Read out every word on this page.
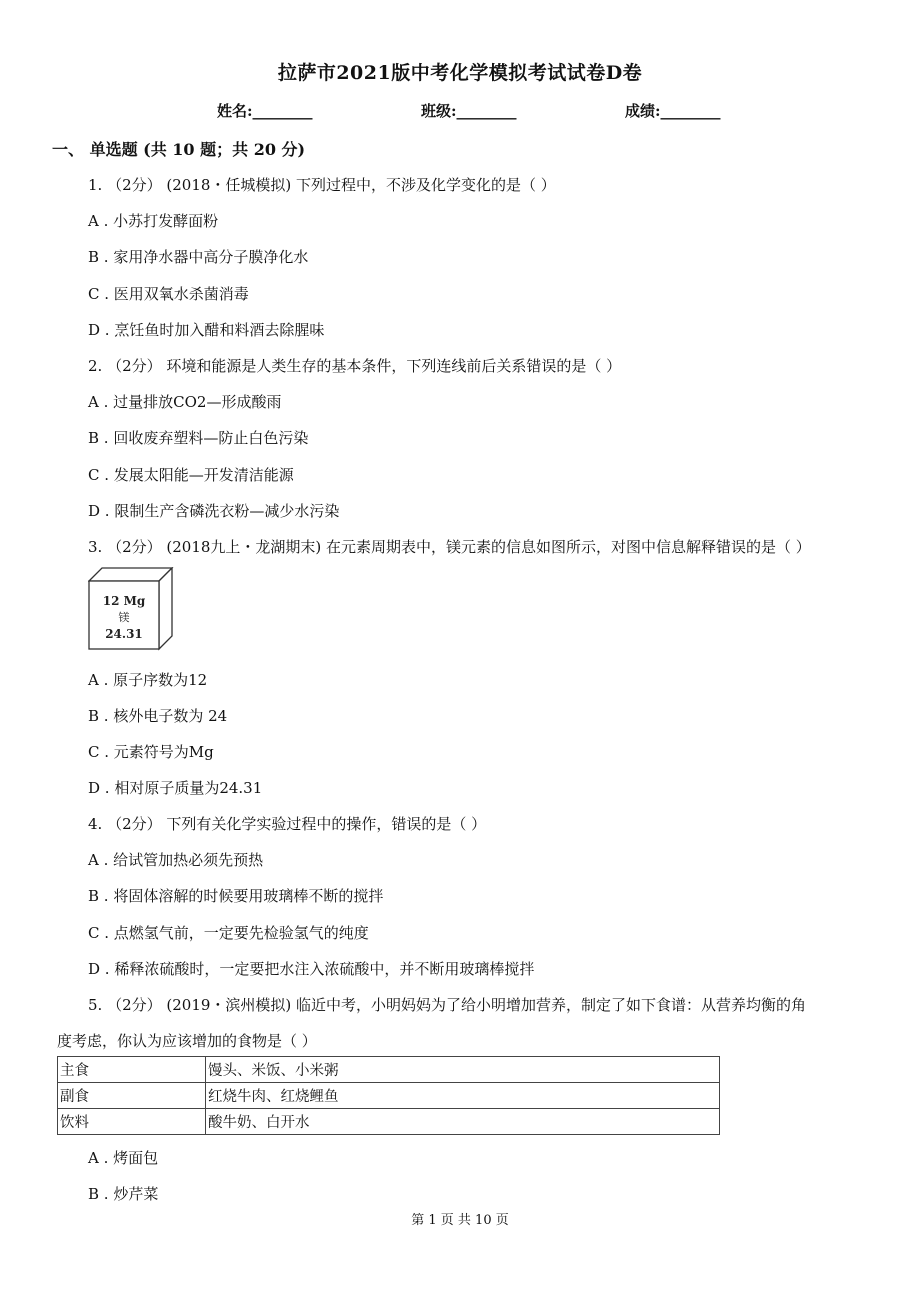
拉萨市2021版中考化学模拟考试试卷D卷
姓名:________	班级:________	成绩:________
一、 单选题 (共 10 题；共 20 分)
1. （2分） (2018・任城模拟) 下列过程中，不涉及化学变化的是（ ）
A . 小苏打发酵面粉
B . 家用净水器中高分子膜净化水
C . 医用双氧水杀菌消毒
D . 烹饪鱼时加入醋和料酒去除腥味
2. （2分） 环境和能源是人类生存的基本条件，下列连线前后关系错误的是（ ）
A . 过量排放CO2—形成酸雨
B . 回收废弃塑料—防止白色污染
C . 发展太阳能—开发清洁能源
D . 限制生产含磷洗衣粉—减少水污染
3. （2分） (2018九上・龙湖期末) 在元素周期表中，镁元素的信息如图所示，对图中信息解释错误的是（ ）
12 Mg
镁
24.31
A . 原子序数为12
B . 核外电子数为 24
C . 元素符号为Mg
D . 相对原子质量为24.31
4. （2分） 下列有关化学实验过程中的操作，错误的是（ ）
A . 给试管加热必须先预热
B . 将固体溶解的时候要用玻璃棒不断的搅拌
C . 点燃氢气前，一定要先检验氢气的纯度
D . 稀释浓硫酸时，一定要把水注入浓硫酸中，并不断用玻璃棒搅拌
5. （2分） (2019・滨州模拟) 临近中考，小明妈妈为了给小明增加营养，制定了如下食谱：从营养均衡的角
度考虑，你认为应该增加的食物是（ ）
主食	馒头、米饭、小米粥
副食	红烧牛肉、红烧鲤鱼
饮料	酸牛奶、白开水
A . 烤面包
B . 炒芹菜
第 1 页 共 10 页
